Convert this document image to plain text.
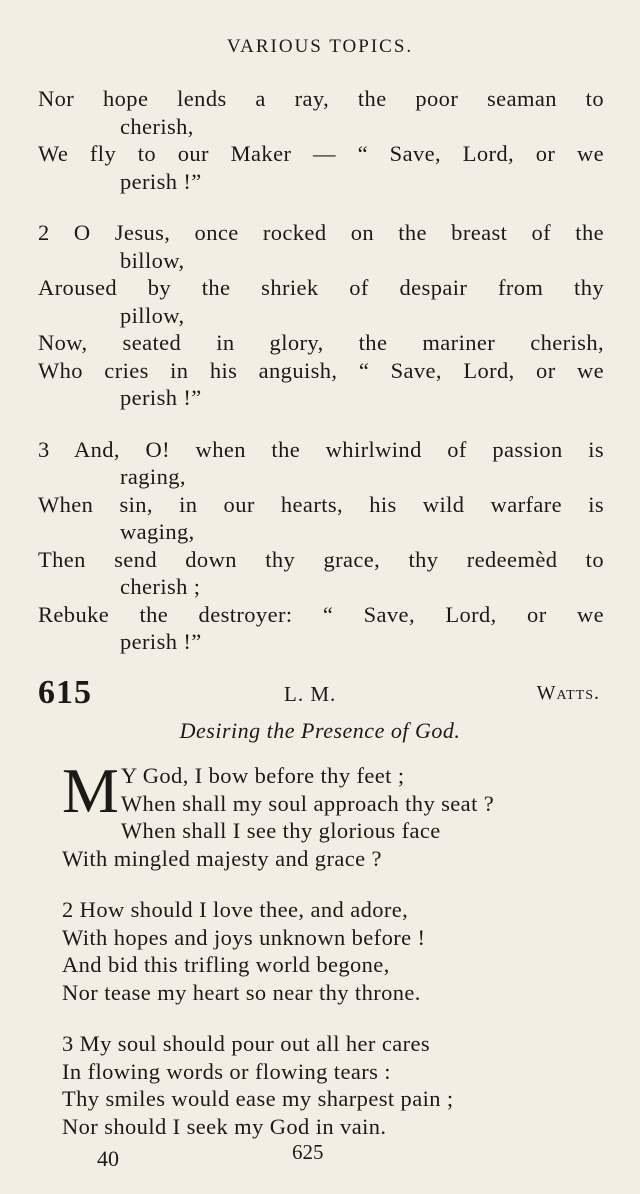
VARIOUS TOPICS.
Nor hope lends a ray, the poor seaman to
cherish,
We fly to our Maker — “ Save, Lord, or we
perish !”
2 O Jesus, once rocked on the breast of the
billow,
Aroused by the shriek of despair from thy
pillow,
Now, seated in glory, the mariner cherish,
Who cries in his anguish, “ Save, Lord, or we
perish !”
3 And, O! when the whirlwind of passion is
raging,
When sin, in our hearts, his wild warfare is
waging,
Then send down thy grace, thy redeemèd to
cherish ;
Rebuke the destroyer: “ Save, Lord, or we
perish !”
615	L. M.	Watts.
Desiring the Presence of God.
M Y God, I bow before thy feet ;
When shall my soul approach thy seat ?
When shall I see thy glorious face
With mingled majesty and grace ?
2 How should I love thee, and adore,
With hopes and joys unknown before !
And bid this trifling world begone,
Nor tease my heart so near thy throne.
3 My soul should pour out all her cares
In flowing words or flowing tears :
Thy smiles would ease my sharpest pain ;
Nor should I seek my God in vain.
40	625
